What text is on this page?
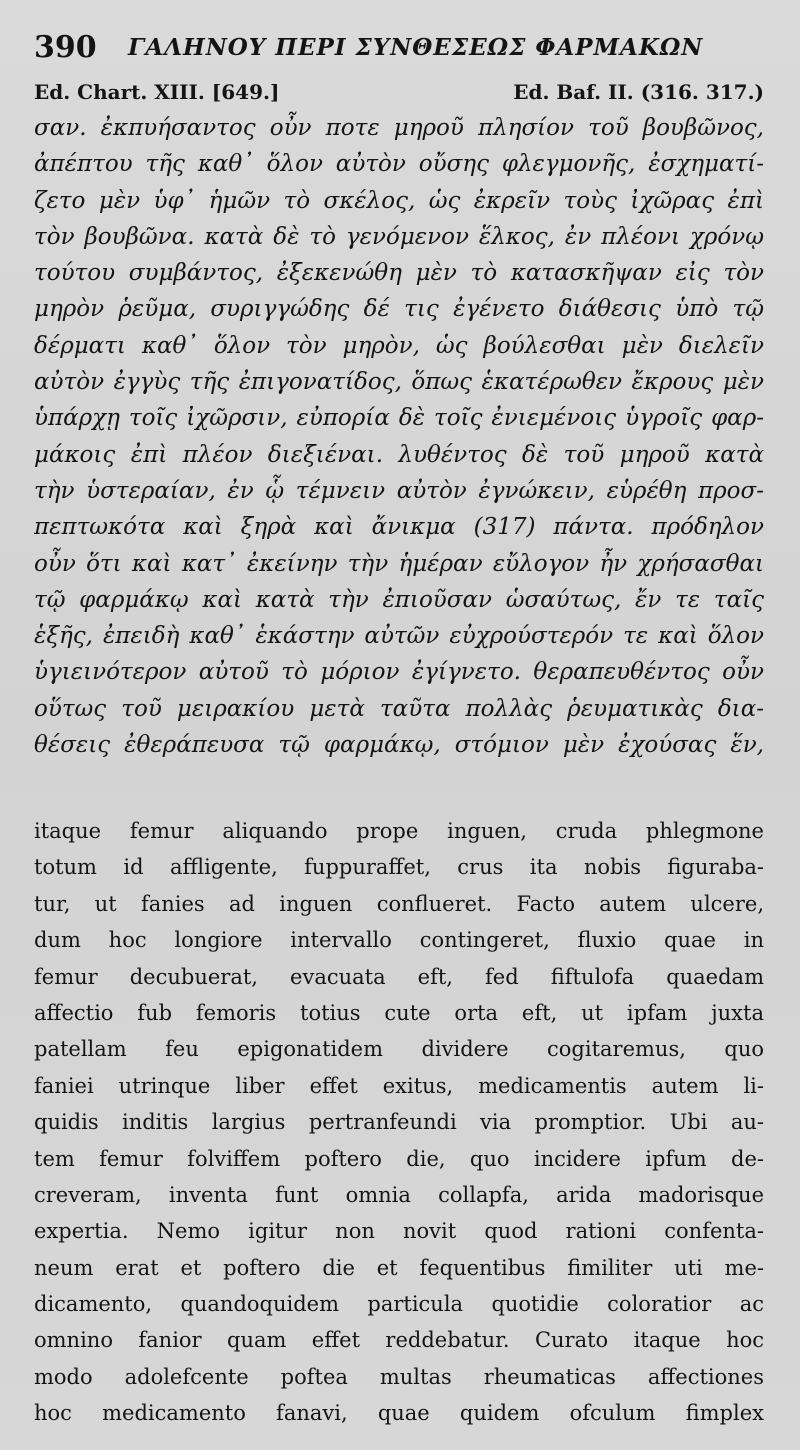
390 ΓΑΛΗΝΟΥ ΠΕΡΙ ΣΥΝΘΕΣΕΩΣ ΦΑΡΜΑΚΩΝ
Ed. Chart. XIII. [649.]	Ed. Baf. II. (316. 317.)
σαν. ἐκπυήσαντος οὖν ποτε μηροῦ πλησίον τοῦ βουβῶνος,
ἀπέπτου τῆς καθ᾿ ὅλον αὐτὸν οὔσης φλεγμονῆς, ἐσχηματί-
ζετο μὲν ὑφ᾿ ἡμῶν τὸ σκέλος, ὡς ἐκρεῖν τοὺς ἰχῶρας ἐπὶ
τὸν βουβῶνα. κατὰ δὲ τὸ γενόμενον ἕλκος, ἐν πλέονι χρόνῳ
τούτου συμβάντος, ἐξεκενώθη μὲν τὸ κατασκῆψαν εἰς τὸν
μηρὸν ῥεῦμα, συριγγώδης δέ τις ἐγένετο διάθεσις ὑπὸ τῷ
δέρματι καθ᾿ ὅλον τὸν μηρὸν, ὡς βούλεσθαι μὲν διελεῖν
αὐτὸν ἐγγὺς τῆς ἐπιγονατίδος, ὅπως ἑκατέρωθεν ἔκρους μὲν
ὑπάρχῃ τοῖς ἰχῶρσιν, εὐπορία δὲ τοῖς ἐνιεμένοις ὑγροῖς φαρ-
μάκοις ἐπὶ πλέον διεξιέναι. λυθέντος δὲ τοῦ μηροῦ κατὰ
τὴν ὑστεραίαν, ἐν ᾧ τέμνειν αὐτὸν ἐγνώκειν, εὑρέθη προσ-
πεπτωκότα καὶ ξηρὰ καὶ ἄνικμα (317) πάντα. πρόδηλον
οὖν ὅτι καὶ κατ᾿ ἐκείνην τὴν ἡμέραν εὔλογον ἦν χρήσασθαι
τῷ φαρμάκῳ καὶ κατὰ τὴν ἐπιοῦσαν ὡσαύτως, ἔν τε ταῖς
ἑξῆς, ἐπειδὴ καθ᾿ ἑκάστην αὐτῶν εὐχρούστερόν τε καὶ ὅλον
ὑγιεινότερον αὐτοῦ τὸ μόριον ἐγίγνετο. θεραπευθέντος οὖν
οὕτως τοῦ μειρακίου μετὰ ταῦτα πολλὰς ῥευματικὰς δια-
θέσεις ἐθεράπευσα τῷ φαρμάκῳ, στόμιον μὲν ἐχούσας ἕν,
itaque femur aliquando prope inguen, cruda phlegmone
totum id affligente, fuppuraffet, crus ita nobis figuraba-
tur, ut fanies ad inguen conflueret. Facto autem ulcere,
dum hoc longiore intervallo contingeret, fluxio quae in
femur decubuerat, evacuata eft, fed fiftulofa quaedam
affectio fub femoris totius cute orta eft, ut ipfam juxta
patellam feu epigonatidem dividere cogitaremus, quo
faniei utrinque liber effet exitus, medicamentis autem li-
quidis inditis largius pertranfeundi via promptior. Ubi au-
tem femur folviffem poftero die, quo incidere ipfum de-
creveram, inventa funt omnia collapfa, arida madorisque
expertia. Nemo igitur non novit quod rationi confenta-
neum erat et poftero die et fequentibus fimiliter uti me-
dicamento, quandoquidem particula quotidie coloratior ac
omnino fanior quam effet reddebatur. Curato itaque hoc
modo adolefcente poftea multas rheumaticas affectiones
hoc medicamento fanavi, quae quidem ofculum fimplex
